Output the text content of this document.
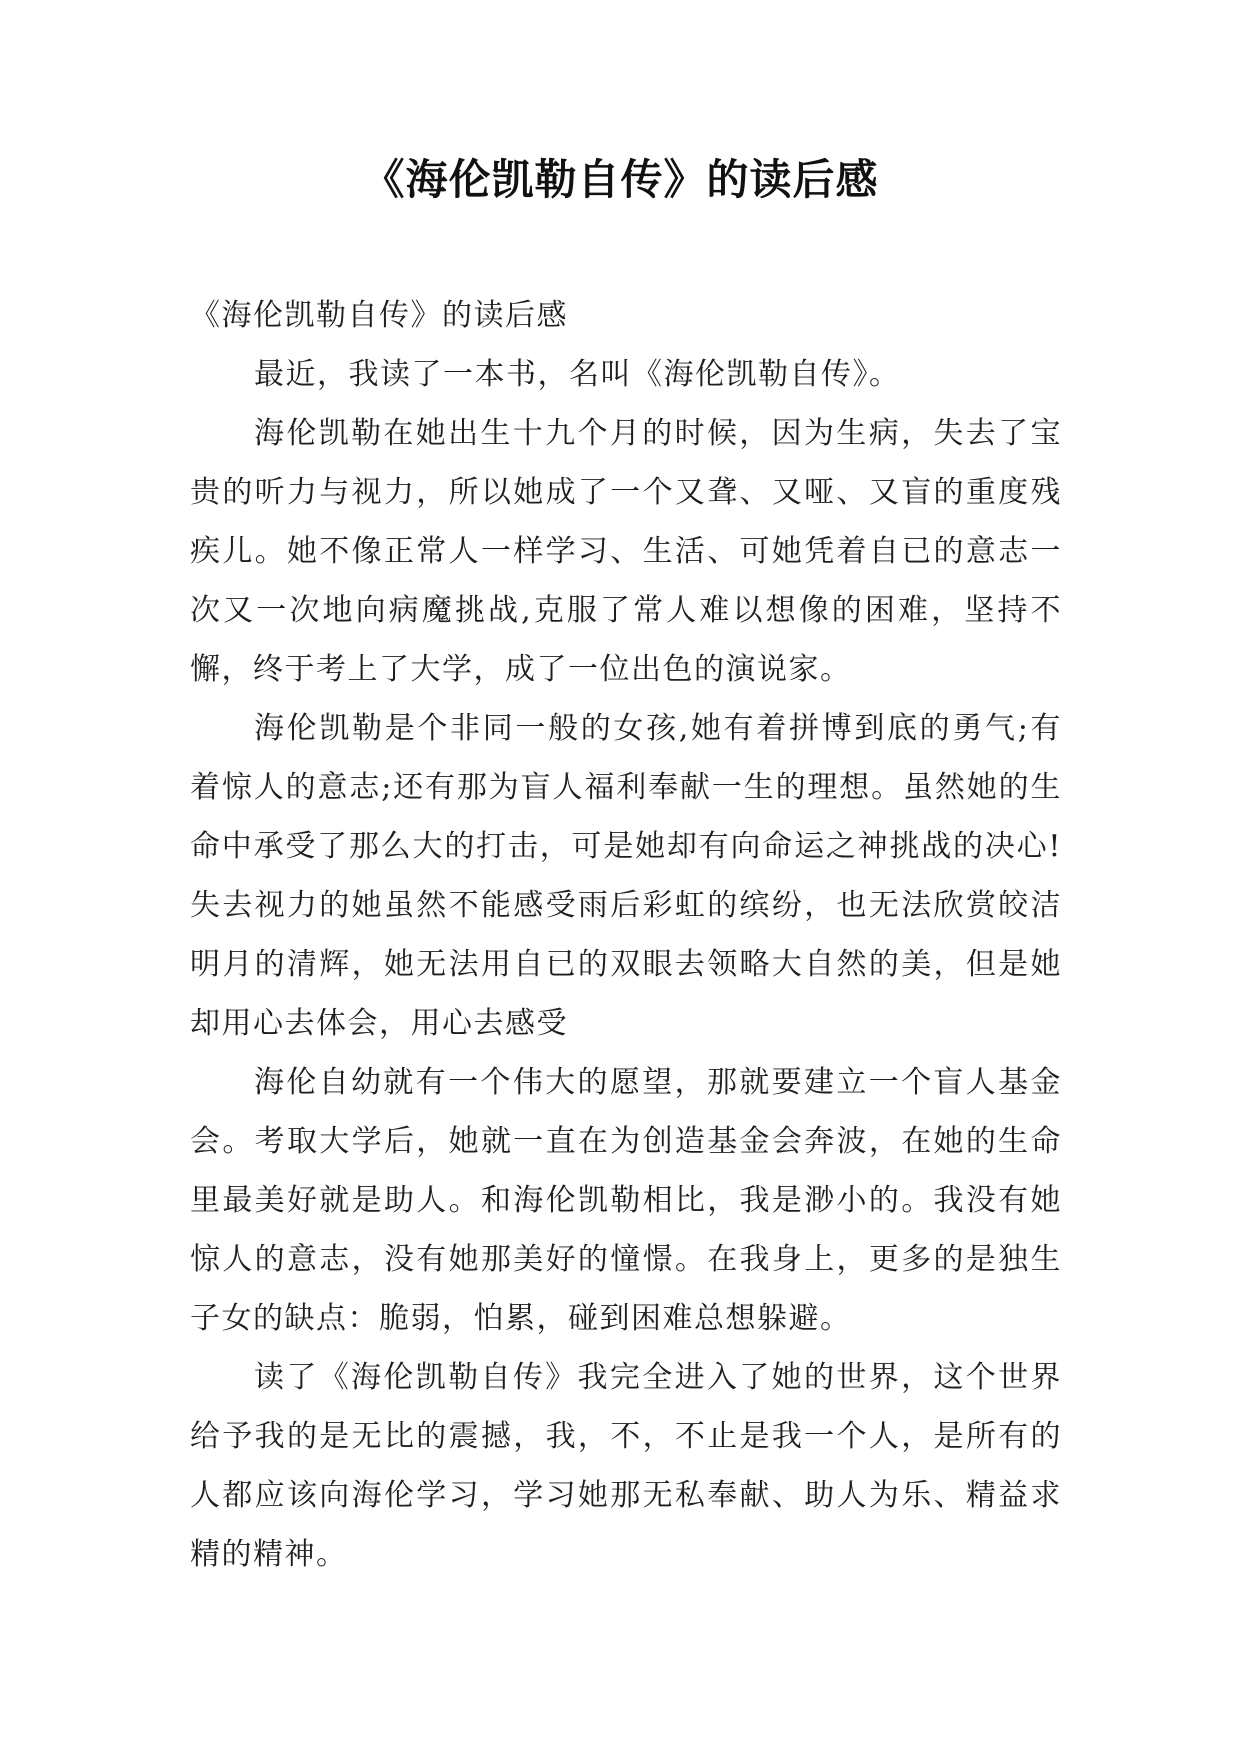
《海伦凯勒自传》的读后感

《海伦凯勒自传》的读后感

最近，我读了一本书，名叫《海伦凯勒自传》。

海伦凯勒在她出生十九个月的时候，因为生病，失去了宝贵的听力与视力，所以她成了一个又聋、又哑、又盲的重度残疾儿。她不像正常人一样学习、生活、可她凭着自已的意志一次又一次地向病魔挑战,克服了常人难以想像的困难，坚持不懈，终于考上了大学，成了一位出色的演说家。

海伦凯勒是个非同一般的女孩,她有着拼博到底的勇气;有着惊人的意志;还有那为盲人福利奉献一生的理想。虽然她的生命中承受了那么大的打击，可是她却有向命运之神挑战的决心!失去视力的她虽然不能感受雨后彩虹的缤纷，也无法欣赏皎洁明月的清辉，她无法用自已的双眼去领略大自然的美，但是她却用心去体会，用心去感受

海伦自幼就有一个伟大的愿望，那就要建立一个盲人基金会。考取大学后，她就一直在为创造基金会奔波，在她的生命里最美好就是助人。和海伦凯勒相比，我是渺小的。我没有她惊人的意志，没有她那美好的憧憬。在我身上，更多的是独生子女的缺点：脆弱，怕累，碰到困难总想躲避。

读了《海伦凯勒自传》我完全进入了她的世界，这个世界给予我的是无比的震撼，我，不，不止是我一个人，是所有的人都应该向海伦学习，学习她那无私奉献、助人为乐、精益求精的精神。
